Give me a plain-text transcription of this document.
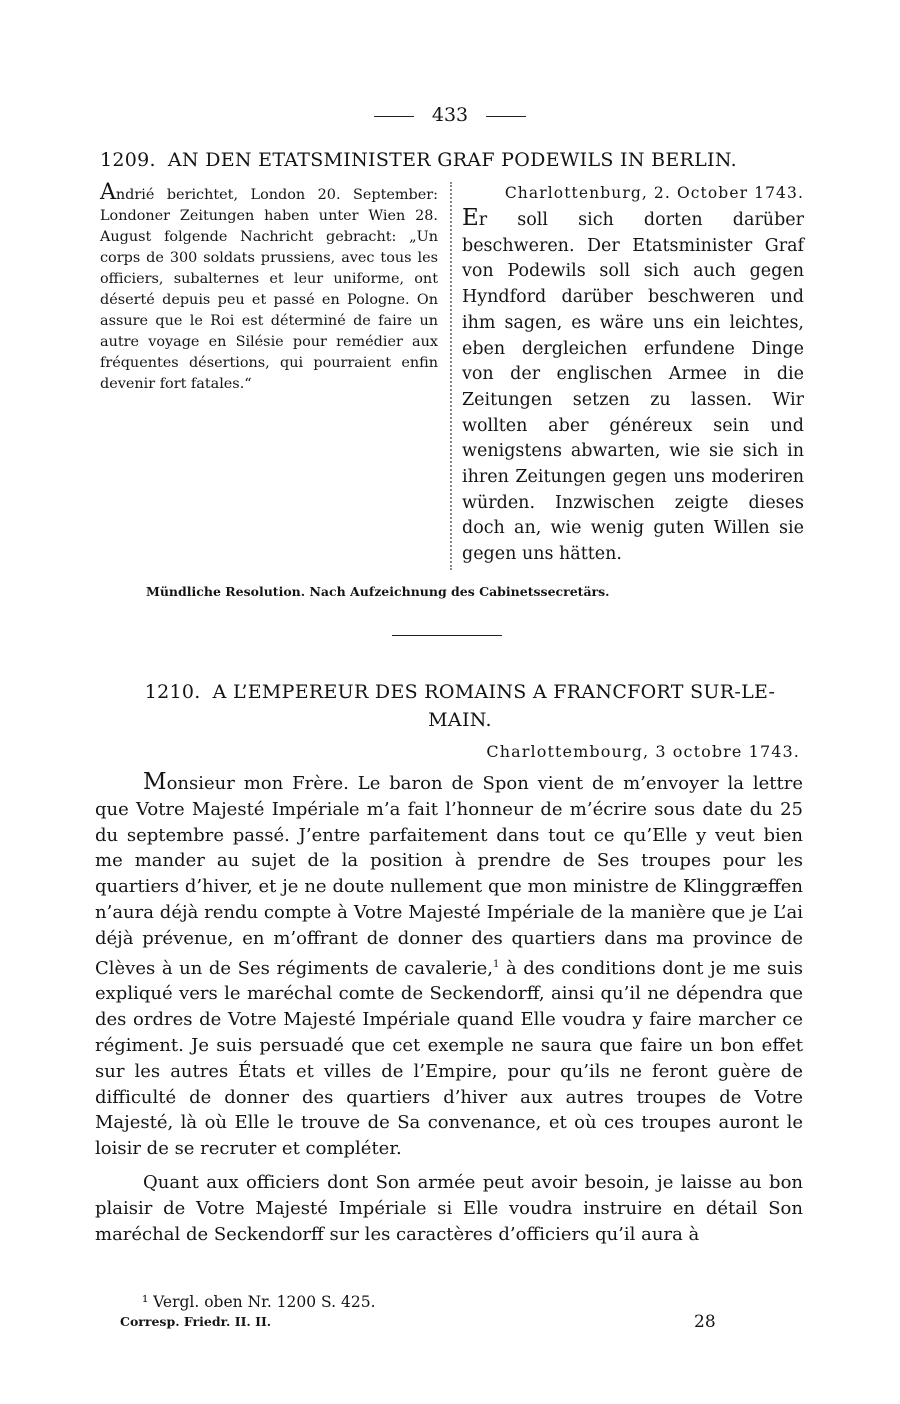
433
1209. AN DEN ETATSMINISTER GRAF PODEWILS IN BERLIN.
Andrié berichtet, London 20. September: Londoner Zeitungen haben unter Wien 28. August folgende Nachricht gebracht: „Un corps de 300 soldats prussiens, avec tous les officiers, subalternes et leur uniforme, ont déserté depuis peu et passé en Pologne. On assure que le Roi est déterminé de faire un autre voyage en Silésie pour remédier aux fréquentes désertions, qui pourraient enfin devenir fort fatales.“
Charlottenburg, 2. October 1743.
Er soll sich dorten darüber beschweren. Der Etatsminister Graf von Podewils soll sich auch gegen Hyndford darüber beschweren und ihm sagen, es wäre uns ein leichtes, eben dergleichen erfundene Dinge von der englischen Armee in die Zeitungen setzen zu lassen. Wir wollten aber généreux sein und wenigstens abwarten, wie sie sich in ihren Zeitungen gegen uns moderiren würden. Inzwischen zeigte dieses doch an, wie wenig guten Willen sie gegen uns hätten.
Mündliche Resolution. Nach Aufzeichnung des Cabinetssecretärs.
1210. A L’EMPEREUR DES ROMAINS A FRANCFORT SUR-LE-MAIN.
Charlottembourg, 3 octobre 1743.

Monsieur mon Frère. Le baron de Spon vient de m’envoyer la lettre que Votre Majesté Impériale m’a fait l’honneur de m’écrire sous date du 25 du septembre passé. J’entre parfaitement dans tout ce qu’Elle y veut bien me mander au sujet de la position à prendre de Ses troupes pour les quartiers d’hiver, et je ne doute nullement que mon ministre de Klinggræffen n’aura déjà rendu compte à Votre Majesté Impériale de la manière que je L’ai déjà prévenue, en m’offrant de donner des quartiers dans ma province de Clèves à un de Ses régiments de cavalerie,$^1$ à des conditions dont je me suis expliqué vers le maréchal comte de Seckendorff, ainsi qu’il ne dépendra que des ordres de Votre Majesté Impériale quand Elle voudra y faire marcher ce régiment. Je suis persuadé que cet exemple ne saura que faire un bon effet sur les autres États et villes de l’Empire, pour qu’ils ne feront guère de difficulté de donner des quartiers d’hiver aux autres troupes de Votre Majesté, là où Elle le trouve de Sa convenance, et où ces troupes auront le loisir de se recruter et compléter.

Quant aux officiers dont Son armée peut avoir besoin, je laisse au bon plaisir de Votre Majesté Impériale si Elle voudra instruire en détail Son maréchal de Seckendorff sur les caractères d’officiers qu’il aura à

¹ Vergl. oben Nr. 1200 S. 425.
Corresp. Friedr. II. II.	28
